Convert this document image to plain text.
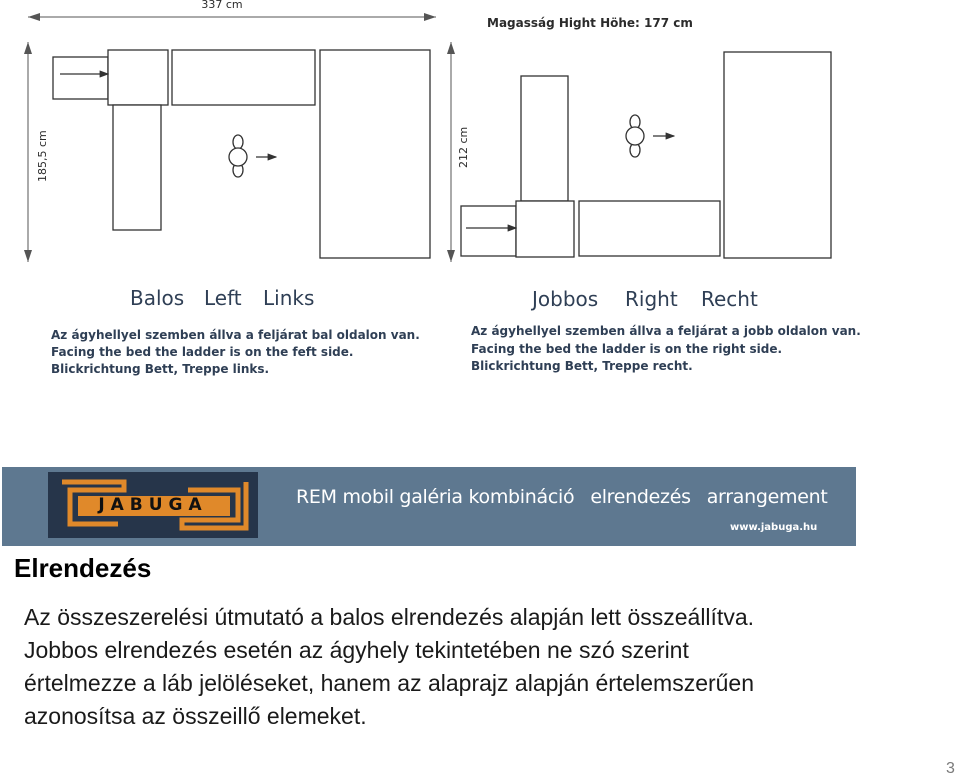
337 cm
Magasság Hight Höhe: 177 cm
185,5 cm	212 cm
Balos Left Links
Az ágyhellyel szemben állva a feljárat bal oldalon van.
Facing the bed the ladder is on the feft side.
Blickrichtung Bett, Treppe links.
Jobbos Right Recht
Az ágyhellyel szemben állva a feljárat a jobb oldalon van.
Facing the bed the ladder is on the right side.
Blickrichtung Bett, Treppe recht.
JABUGA	REM mobil galéria kombináció elrendezés arrangement
www.jabuga.hu
Elrendezés

Az összeszerelési útmutató a balos elrendezés alapján lett összeállítva.

Jobbos elrendezés esetén az ágyhely tekintetében ne szó szerint

értelmezze a láb jelöléseket, hanem az alaprajz alapján értelemszerűen

azonosítsa az összeillő elemeket.

3
